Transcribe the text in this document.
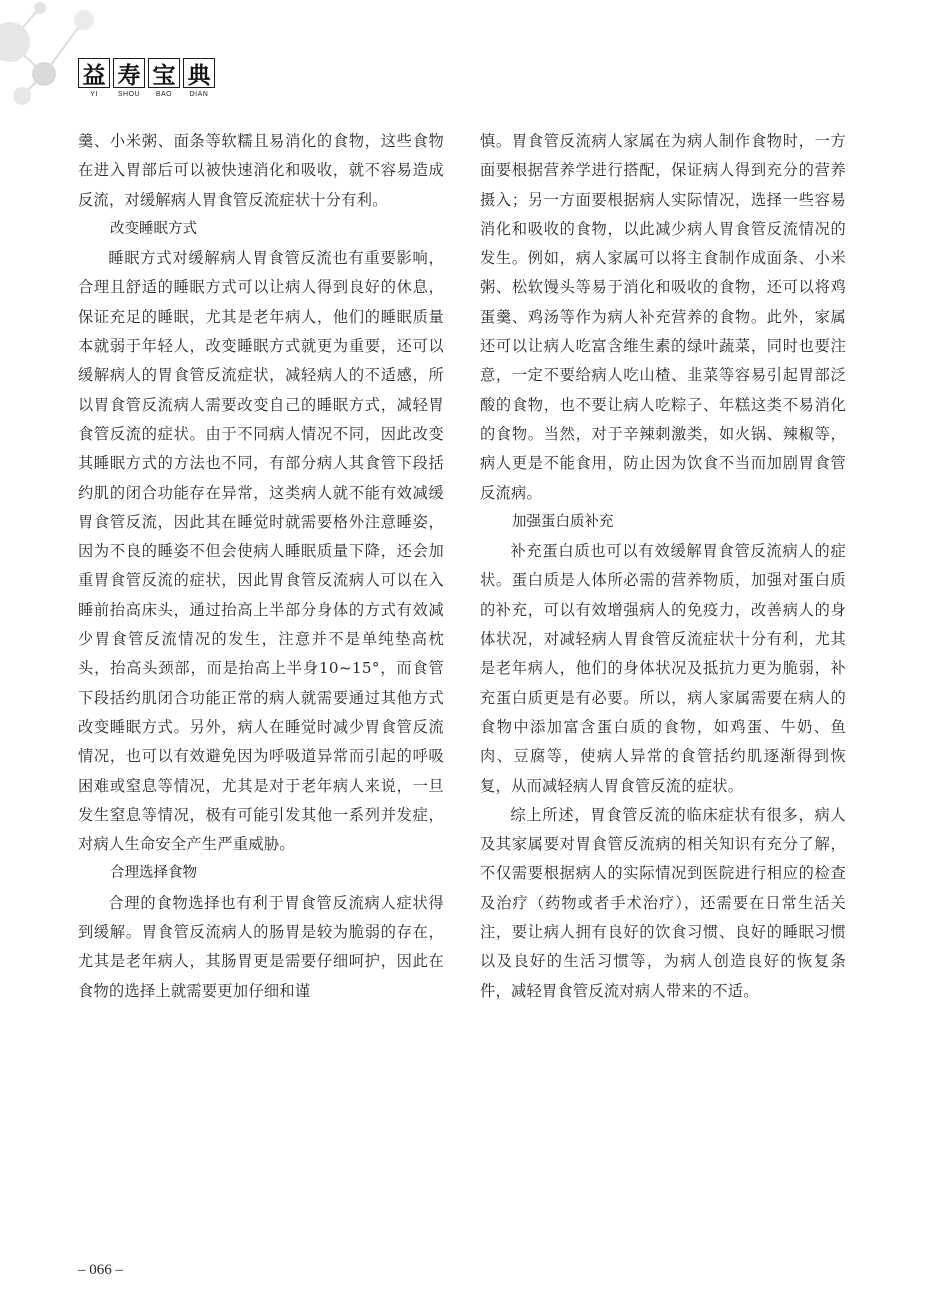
益 寿 宝 典
YI	SHOU	BAO	DIAN

羹、小米粥、面条等软糯且易消化的食物，这些食物在进入胃部后可以被快速消化和吸收，就不容易造成反流，对缓解病人胃食管反流症状十分有利。

改变睡眠方式

睡眠方式对缓解病人胃食管反流也有重要影响，合理且舒适的睡眠方式可以让病人得到良好的休息，保证充足的睡眠，尤其是老年病人，他们的睡眠质量本就弱于年轻人，改变睡眠方式就更为重要，还可以缓解病人的胃食管反流症状，减轻病人的不适感，所以胃食管反流病人需要改变自己的睡眠方式，减轻胃食管反流的症状。由于不同病人情况不同，因此改变其睡眠方式的方法也不同，有部分病人其食管下段括约肌的闭合功能存在异常，这类病人就不能有效减缓胃食管反流，因此其在睡觉时就需要格外注意睡姿，因为不良的睡姿不但会使病人睡眠质量下降，还会加重胃食管反流的症状，因此胃食管反流病人可以在入睡前抬高床头，通过抬高上半部分身体的方式有效减少胃食管反流情况的发生，注意并不是单纯垫高枕头，抬高头颈部，而是抬高上半身10~15°，而食管下段括约肌闭合功能正常的病人就需要通过其他方式改变睡眠方式。另外，病人在睡觉时减少胃食管反流情况，也可以有效避免因为呼吸道异常而引起的呼吸困难或窒息等情况，尤其是对于老年病人来说，一旦发生窒息等情况，极有可能引发其他一系列并发症，对病人生命安全产生严重威胁。

合理选择食物

合理的食物选择也有利于胃食管反流病人症状得到缓解。胃食管反流病人的肠胃是较为脆弱的存在，尤其是老年病人，其肠胃更是需要仔细呵护，因此在食物的选择上就需要更加仔细和谨

慎。胃食管反流病人家属在为病人制作食物时，一方面要根据营养学进行搭配，保证病人得到充分的营养摄入；另一方面要根据病人实际情况，选择一些容易消化和吸收的食物，以此减少病人胃食管反流情况的发生。例如，病人家属可以将主食制作成面条、小米粥、松软馒头等易于消化和吸收的食物，还可以将鸡蛋羹、鸡汤等作为病人补充营养的食物。此外，家属还可以让病人吃富含维生素的绿叶蔬菜，同时也要注意，一定不要给病人吃山楂、韭菜等容易引起胃部泛酸的食物，也不要让病人吃粽子、年糕这类不易消化的食物。当然，对于辛辣刺激类，如火锅、辣椒等，病人更是不能食用，防止因为饮食不当而加剧胃食管反流病。

加强蛋白质补充

补充蛋白质也可以有效缓解胃食管反流病人的症状。蛋白质是人体所必需的营养物质，加强对蛋白质的补充，可以有效增强病人的免疫力，改善病人的身体状况，对减轻病人胃食管反流症状十分有利，尤其是老年病人，他们的身体状况及抵抗力更为脆弱，补充蛋白质更是有必要。所以，病人家属需要在病人的食物中添加富含蛋白质的食物，如鸡蛋、牛奶、鱼肉、豆腐等，使病人异常的食管括约肌逐渐得到恢复，从而减轻病人胃食管反流的症状。

综上所述，胃食管反流的临床症状有很多，病人及其家属要对胃食管反流病的相关知识有充分了解，不仅需要根据病人的实际情况到医院进行相应的检查及治疗（药物或者手术治疗），还需要在日常生活关注，要让病人拥有良好的饮食习惯、良好的睡眠习惯以及良好的生活习惯等，为病人创造良好的恢复条件，减轻胃食管反流对病人带来的不适。

– 066 –
